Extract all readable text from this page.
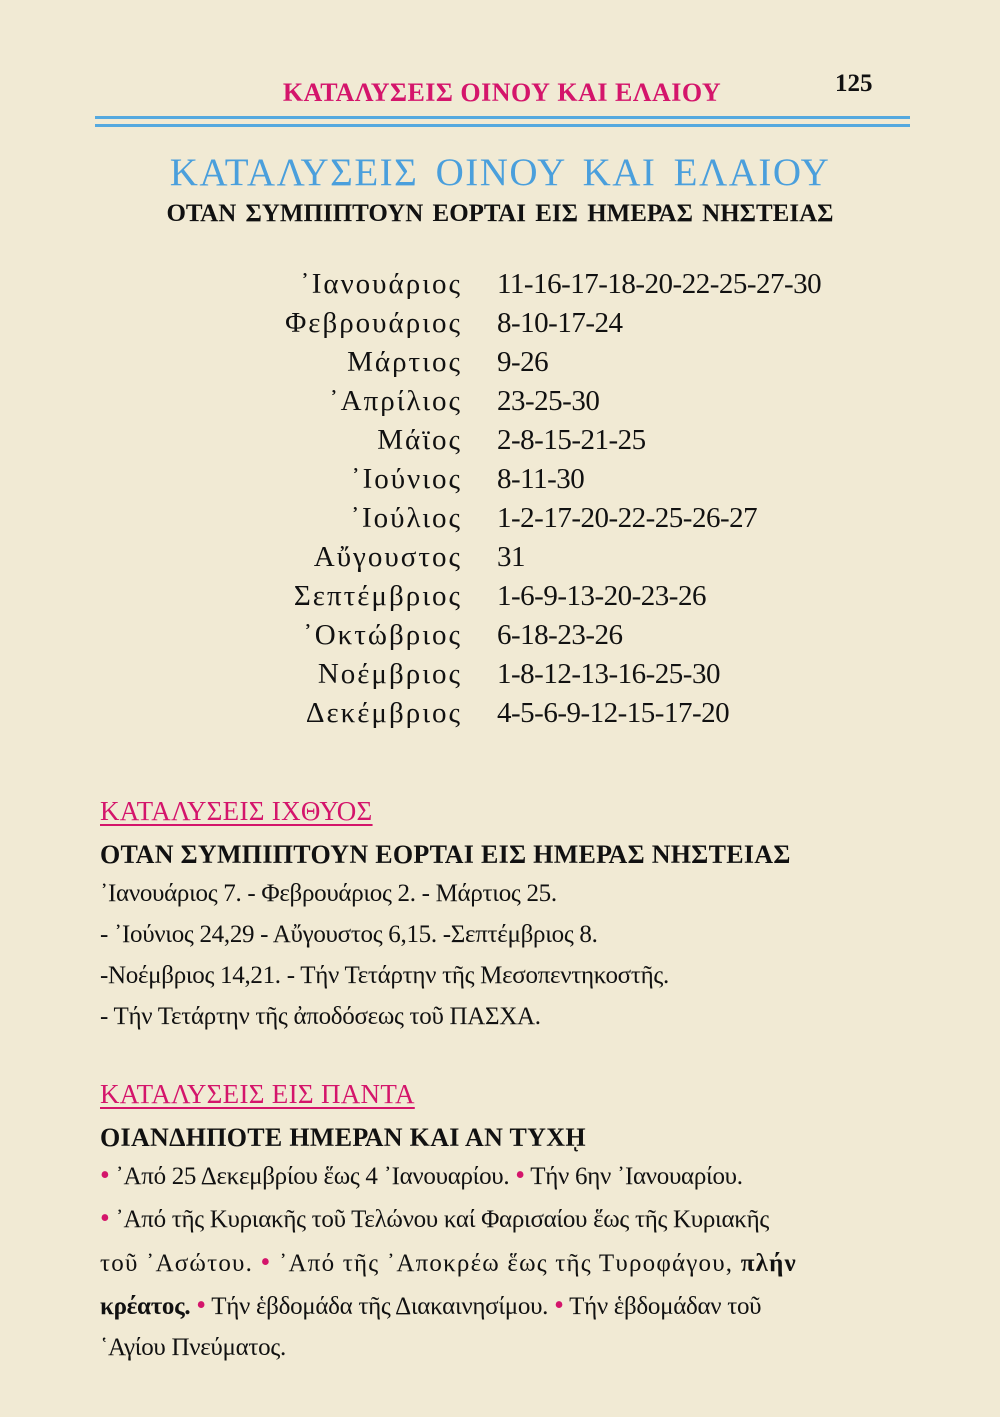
ΚΑΤΑΛΥΣΕΙΣ ΟΙΝΟΥ ΚΑΙ ΕΛΑΙΟΥ	125
ΚΑΤΑΛΥΣΕΙΣ ΟΙΝΟΥ ΚΑΙ ΕΛΑΙΟΥ
ΟΤΑΝ ΣΥΜΠΙΠΤΟΥΝ ΕΟΡΤΑΙ ΕΙΣ ΗΜΕΡΑΣ ΝΗΣΤΕΙΑΣ
᾿Ιανουάριος 11-16-17-18-20-22-25-27-30
Φεβρουάριος 8-10-17-24
Μάρτιος 9-26
᾿Απρίλιος 23-25-30
Μάϊος 2-8-15-21-25
᾿Ιούνιος 8-11-30
᾿Ιούλιος 1-2-17-20-22-25-26-27
Αὔγουστος 31
Σεπτέμβριος 1-6-9-13-20-23-26
᾿Οκτώβριος 6-18-23-26
Νοέμβριος 1-8-12-13-16-25-30
Δεκέμβριος 4-5-6-9-12-15-17-20
ΚΑΤΑΛΥΣΕΙΣ ΙΧΘΥΟΣ
ΟΤΑΝ ΣΥΜΠΙΠΤΟΥΝ ΕΟΡΤΑΙ ΕΙΣ ΗΜΕΡΑΣ ΝΗΣΤΕΙΑΣ
᾿Ιανουάριος 7. - Φεβρουάριος 2. - Μάρτιος 25.
- ᾿Ιούνιος 24,29 - Αὔγουστος 6,15. -Σεπτέμβριος 8.
-Νοέμβριος 14,21. - Τήν Τετάρτην τῆς Μεσοπεντηκοστῆς.
- Τήν Τετάρτην τῆς ἀποδόσεως τοῦ ΠΑΣΧΑ.
ΚΑΤΑΛΥΣΕΙΣ ΕΙΣ ΠΑΝΤΑ
ΟΙΑΝΔΗΠΟΤΕ ΗΜΕΡΑΝ ΚΑΙ ΑΝ ΤΥΧῌ
• ᾿Από 25 Δεκεμβρίου ἕως 4 ᾿Ιανουαρίου. • Τήν 6ην ᾿Ιανουαρίου.
• ᾿Από τῆς Κυριακῆς τοῦ Τελώνου καί Φαρισαίου ἕως τῆς Κυριακῆς
τοῦ ᾿Ασώτου. • ᾿Από τῆς ᾿Αποκρέω ἕως τῆς Τυροφάγου, πλήν
κρέατος. • Τήν ἑβδομάδα τῆς Διακαινησίμου. • Τήν ἑβδομάδαν τοῦ
῾Αγίου Πνεύματος.
